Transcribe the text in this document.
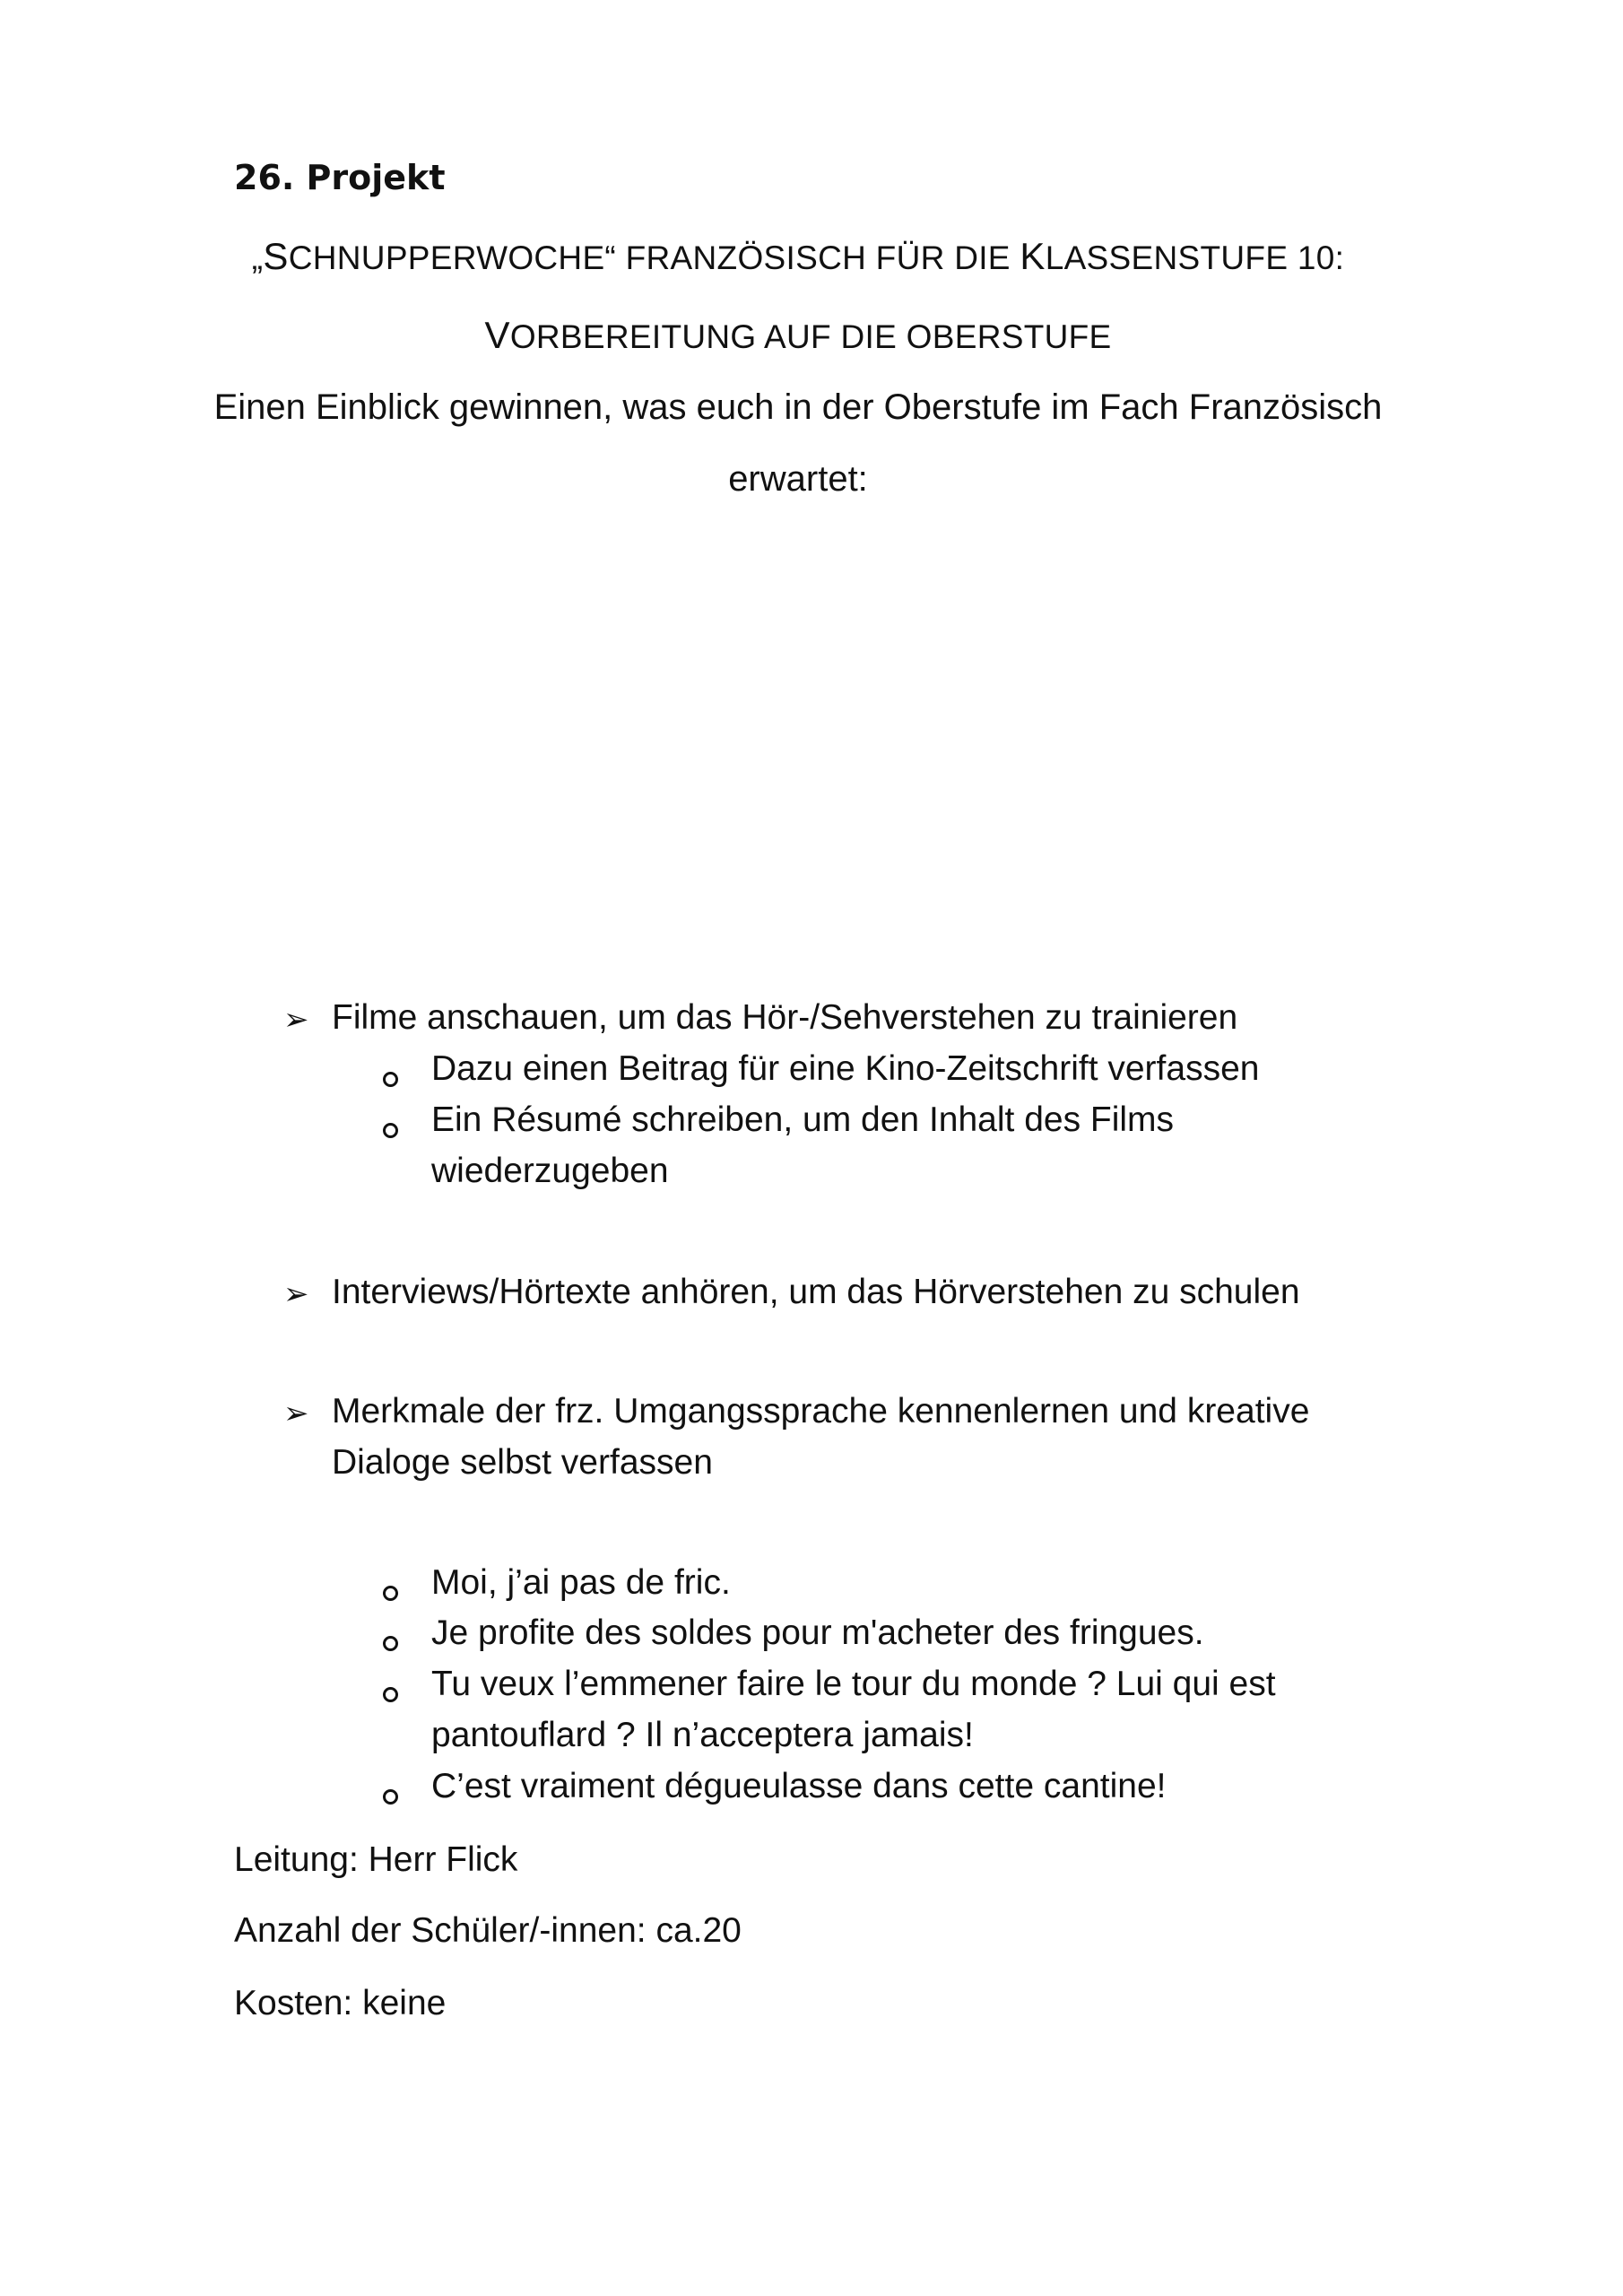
26. Projekt
„SCHNUPPERWOCHE“ FRANZÖSISCH FÜR DIE KLASSENSTUFE 10:
VORBEREITUNG AUF DIE OBERSTUFE
Einen Einblick gewinnen, was euch in der Oberstufe im Fach Französisch
erwartet:
➢ Filme anschauen, um das Hör-/Sehverstehen zu trainieren
Dazu einen Beitrag für eine Kino-Zeitschrift verfassen
Ein Résumé schreiben, um den Inhalt des Films
wiederzugeben
➢ Interviews/Hörtexte anhören, um das Hörverstehen zu schulen
➢ Merkmale der frz. Umgangssprache kennenlernen und kreative
Dialoge selbst verfassen
Moi, j’ai pas de fric.
Je profite des soldes pour m'acheter des fringues.
Tu veux l’emmener faire le tour du monde ? Lui qui est
pantouflard ? Il n’acceptera jamais!
C’est vraiment dégueulasse dans cette cantine!
Leitung: Herr Flick
Anzahl der Schüler/-innen: ca.20
Kosten: keine
